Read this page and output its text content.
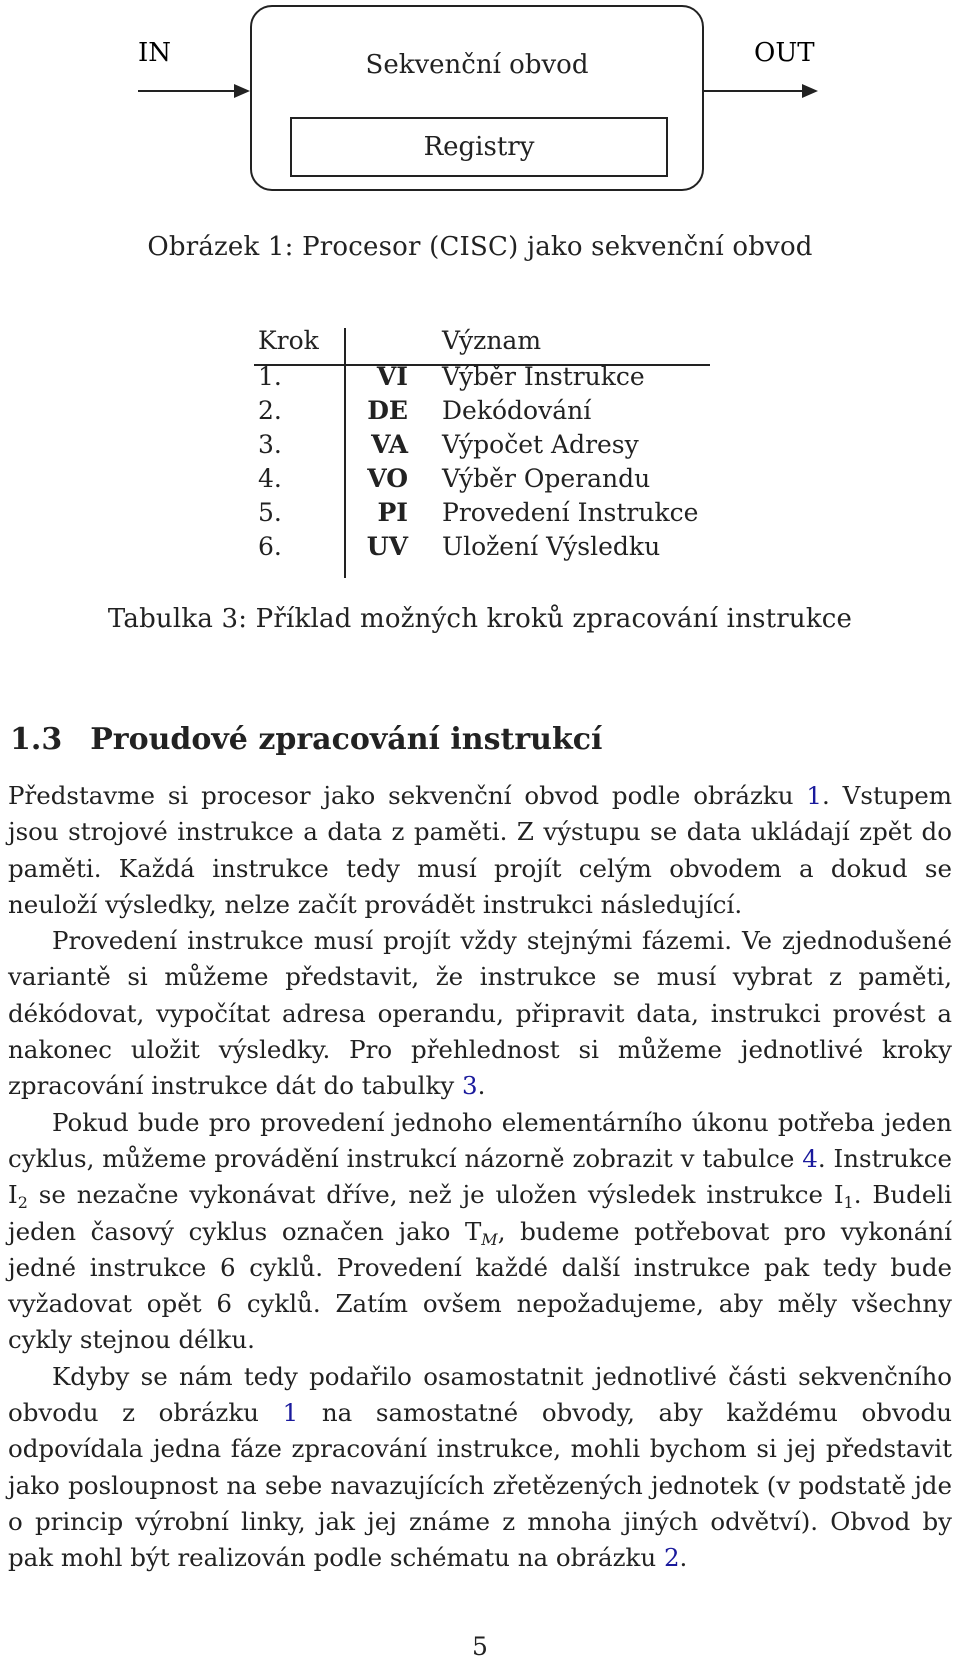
IN	Sekvenční obvod
Registry
OUT
Obrázek 1: Procesor (CISC) jako sekvenční obvod
Krok	Význam
1.	VI Výběr Instrukce
2.	DE Dekódování
3.	VA Výpočet Adresy
4.	VO Výběr Operandu
5.	PI Provedení Instrukce
6.	UV Uložení Výsledku
Tabulka 3: Příklad možných kroků zpracování instrukce
1.3 Proudové zpracování instrukcí

Představme si procesor jako sekvenční obvod podle obrázku 1. Vstupem jsou strojové instrukce a data z paměti. Z výstupu se data ukládají zpět do paměti. Každá instrukce tedy musí projít celým obvodem a dokud se neuloží výsledky, nelze začít provádět instrukci následující.

Provedení instrukce musí projít vždy stejnými fázemi. Ve zjednodušené variantě si můžeme představit, že instrukce se musí vybrat z paměti, dékódovat, vypočítat adresa operandu, připravit data, instrukci provést a nakonec uložit výsledky. Pro přehlednost si můžeme jednotlivé kroky zpracování instrukce dát do tabulky 3.

Pokud bude pro provedení jednoho elementárního úkonu potřeba jeden cyklus, můžeme provádění instrukcí názorně zobrazit v tabulce 4. Instrukce $I_2$ se nezačne vykonávat dříve, než je uložen výsledek instrukce $I_1$. Budeli jeden časový cyklus označen jako $T_M$, budeme potřebovat pro vykonání jedné instrukce 6 cyklů. Provedení každé další instrukce pak tedy bude vyžadovat opět 6 cyklů. Zatím ovšem nepožadujeme, aby měly všechny cykly stejnou délku.

Kdyby se nám tedy podařilo osamostatnit jednotlivé části sekvenčního obvodu z obrázku 1 na samostatné obvody, aby každému obvodu odpovídala jedna fáze zpracování instrukce, mohli bychom si jej představit jako posloupnost na sebe navazujících zřetězených jednotek (v podstatě jde o princip výrobní linky, jak jej známe z mnoha jiných odvětví). Obvod by pak mohl být realizován podle schématu na obrázku 2.

5
